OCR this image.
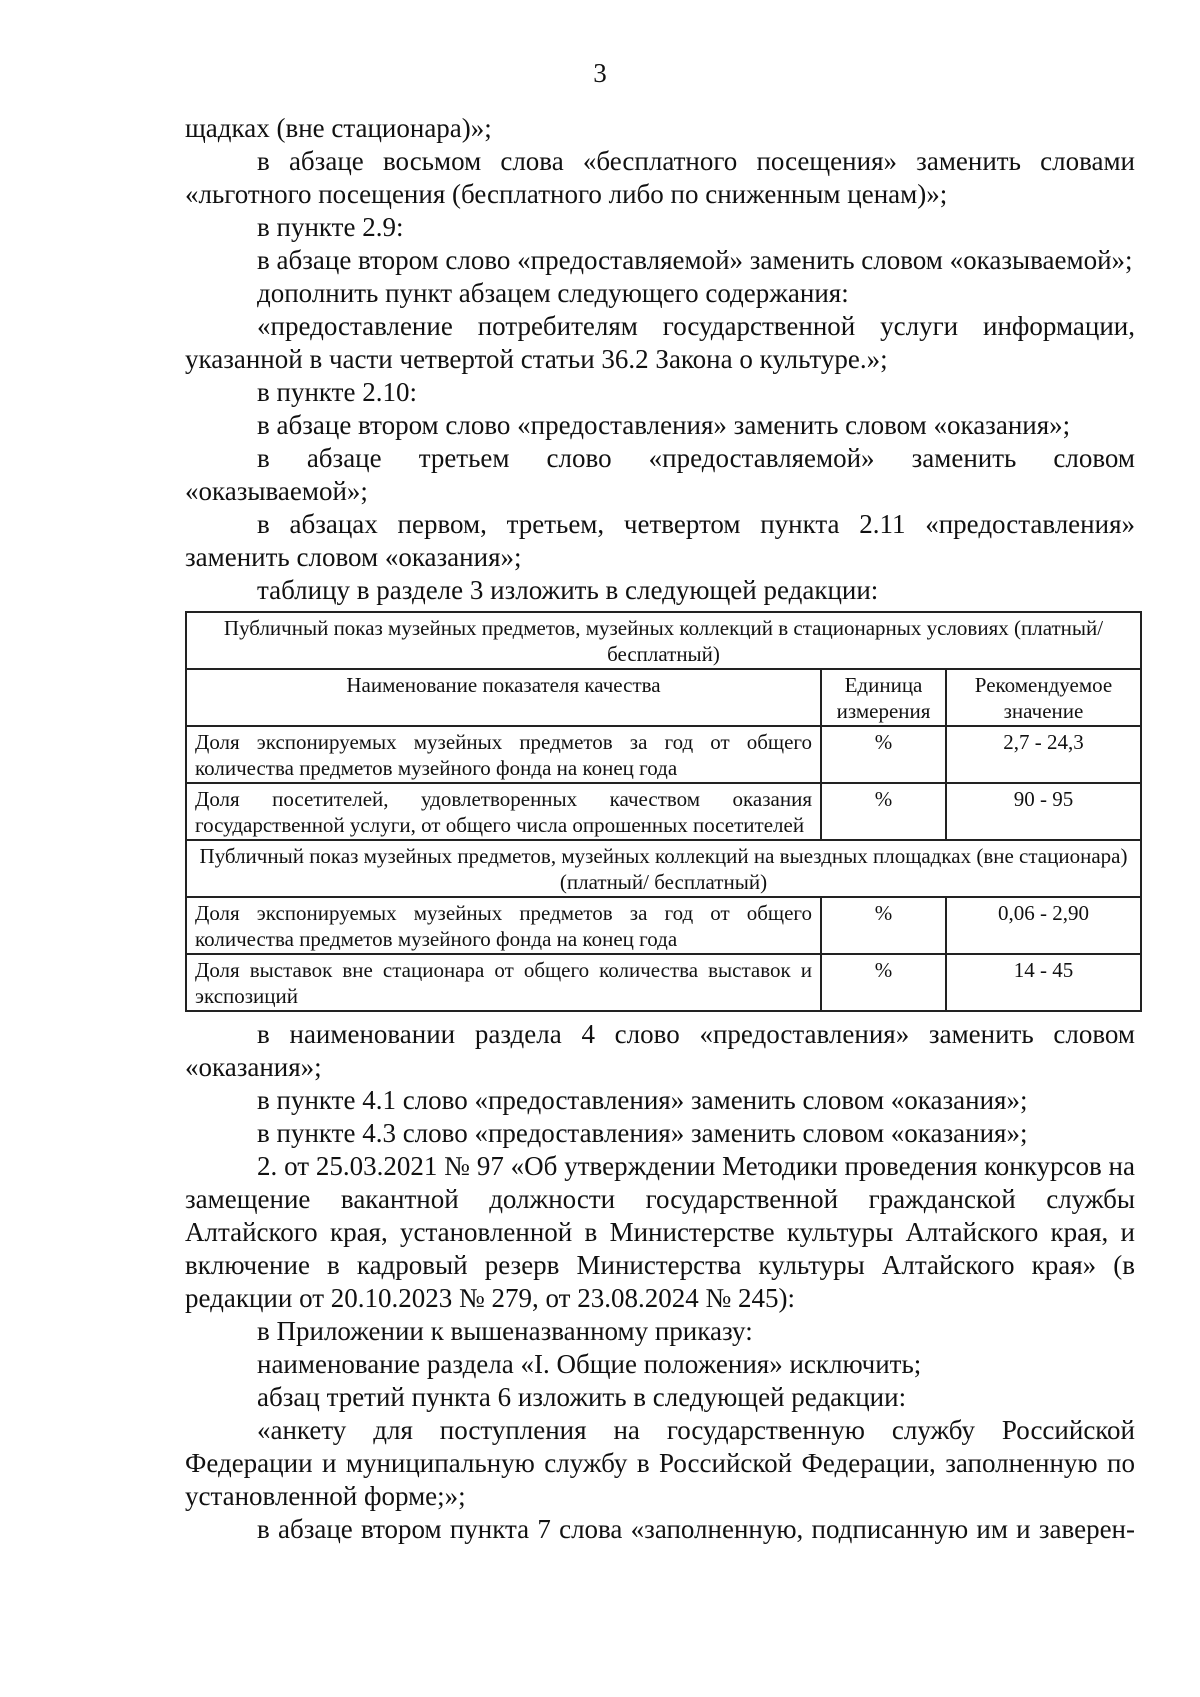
3

щадках (вне стационара)»;

в абзаце восьмом слова «бесплатного посещения» заменить словами «льготного посещения (бесплатного либо по сниженным ценам)»;

в пункте 2.9:

в абзаце втором слово «предоставляемой» заменить словом «оказываемой»;

дополнить пункт абзацем следующего содержания:

«предоставление потребителям государственной услуги информации, указанной в части четвертой статьи 36.2 Закона о культуре.»;

в пункте 2.10:

в абзаце втором слово «предоставления» заменить словом «оказания»;

в абзаце третьем слово «предоставляемой» заменить словом «оказываемой»;

в абзацах первом, третьем, четвертом пункта 2.11 «предоставления» заменить словом «оказания»;

таблицу в разделе 3 изложить в следующей редакции:

Публичный показ музейных предметов, музейных коллекций в стационарных условиях (платный/ бесплатный)		
Наименование показателя качества	Единица измерения	Рекомендуемое значение
Доля экспонируемых музейных предметов за год от общего количества предметов музейного фонда на конец года	%	2,7 - 24,3
Доля посетителей, удовлетворенных качеством оказания государственной услуги, от общего числа опрошенных посетителей	%	90 - 95
Публичный показ музейных предметов, музейных коллекций на выездных площадках (вне стационара) (платный/ бесплатный)		
Доля экспонируемых музейных предметов за год от общего количества предметов музейного фонда на конец года	%	0,06 - 2,90
Доля выставок вне стационара от общего количества выставок и экспозиций	%	14 - 45

в наименовании раздела 4 слово «предоставления» заменить словом «оказания»;

в пункте 4.1 слово «предоставления» заменить словом «оказания»;

в пункте 4.3 слово «предоставления» заменить словом «оказания»;

2. от 25.03.2021 № 97 «Об утверждении Методики проведения конкурсов на замещение вакантной должности государственной гражданской службы Алтайского края, установленной в Министерстве культуры Алтайского края, и включение в кадровый резерв Министерства культуры Алтайского края» (в редакции от 20.10.2023 № 279, от 23.08.2024 № 245):

в Приложении к вышеназванному приказу:

наименование раздела «I. Общие положения» исключить;

абзац третий пункта 6 изложить в следующей редакции:

«анкету для поступления на государственную службу Российской Федерации и муниципальную службу в Российской Федерации, заполненную по установленной форме;»;

в абзаце втором пункта 7 слова «заполненную, подписанную им и заверен-
